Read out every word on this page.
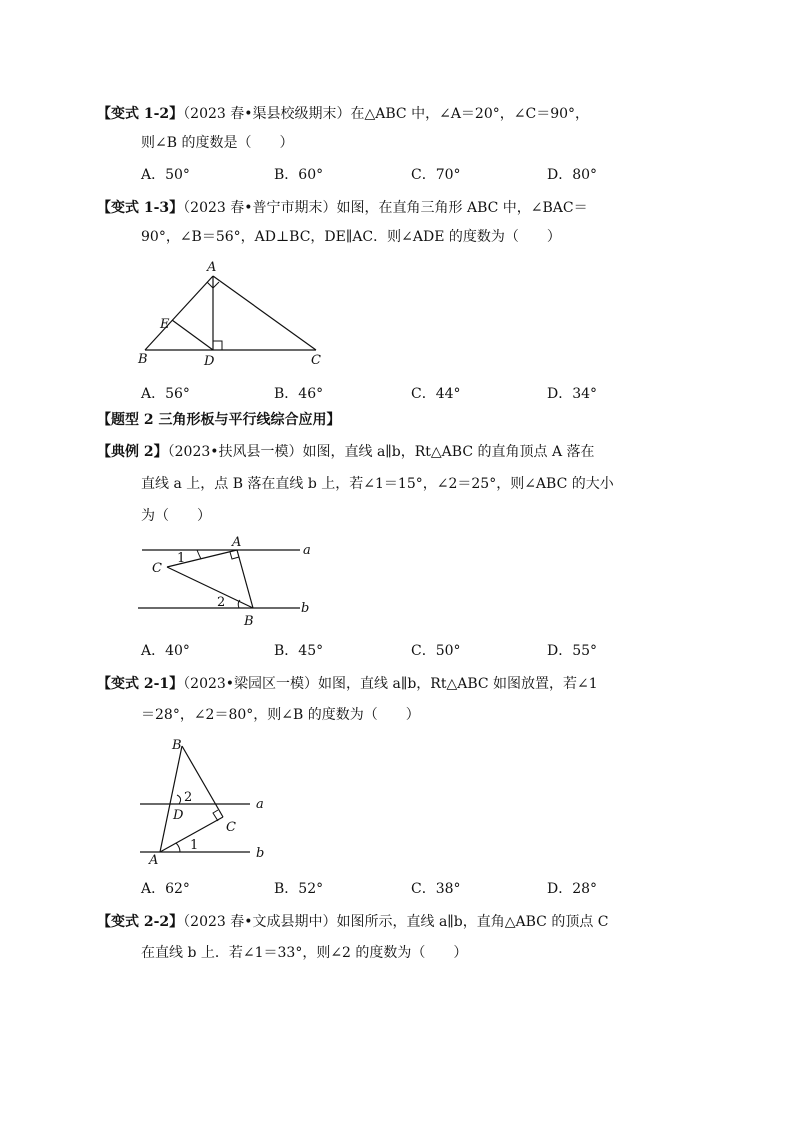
【变式 1-2】（2023 春•渠县校级期末）在△ABC 中，∠A＝20°，∠C＝90°，
则∠B 的度数是（　　）
A．50°	B．60°	C．70°	D．80°
【变式 1-3】（2023 春•普宁市期末）如图，在直角三角形 ABC 中，∠BAC＝
90°，∠B＝56°，AD⊥BC，DE∥AC．则∠ADE 的度数为（　　）
A
E
B	D	C
A．56°	B．46°	C．44°	D．34°
【题型 2 三角形板与平行线综合应用】
【典例 2】（2023•扶风县一模）如图，直线 a∥b，Rt△ABC 的直角顶点 A 落在
直线 a 上，点 B 落在直线 b 上，若∠1＝15°，∠2＝25°，则∠ABC 的大小
为（　　）
A
a
1
C
2	b
B
A．40°	B．45°	C．50°	D．55°
【变式 2-1】（2023•梁园区一模）如图，直线 a∥b，Rt△ABC 如图放置，若∠1
＝28°，∠2＝80°，则∠B 的度数为（　　）
B
2	a
D
C
A
1
b
A．62°	B．52°	C．38°	D．28°
【变式 2-2】（2023 春•文成县期中）如图所示，直线 a∥b，直角△ABC 的顶点 C
在直线 b 上．若∠1＝33°，则∠2 的度数为（　　）
